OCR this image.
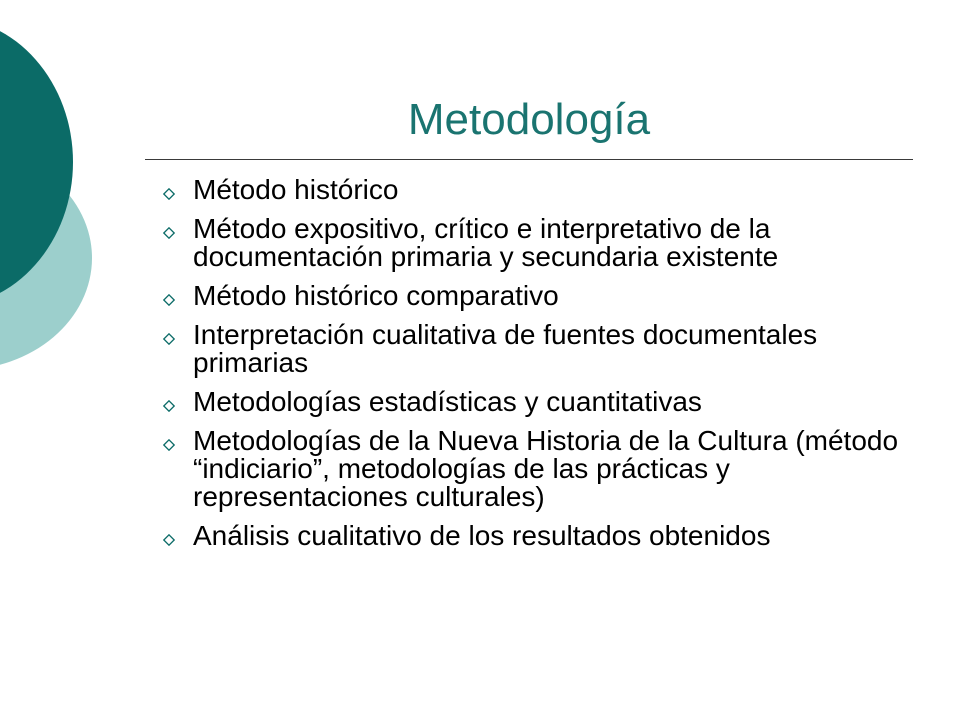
Metodología
Método histórico
Método expositivo, crítico e interpretativo de la documentación primaria y secundaria existente
Método histórico comparativo
Interpretación cualitativa de fuentes documentales primarias
Metodologías estadísticas y cuantitativas
Metodologías de la Nueva Historia de la Cultura (método “indiciario”, metodologías de las prácticas y representaciones culturales)
Análisis cualitativo de los resultados obtenidos
